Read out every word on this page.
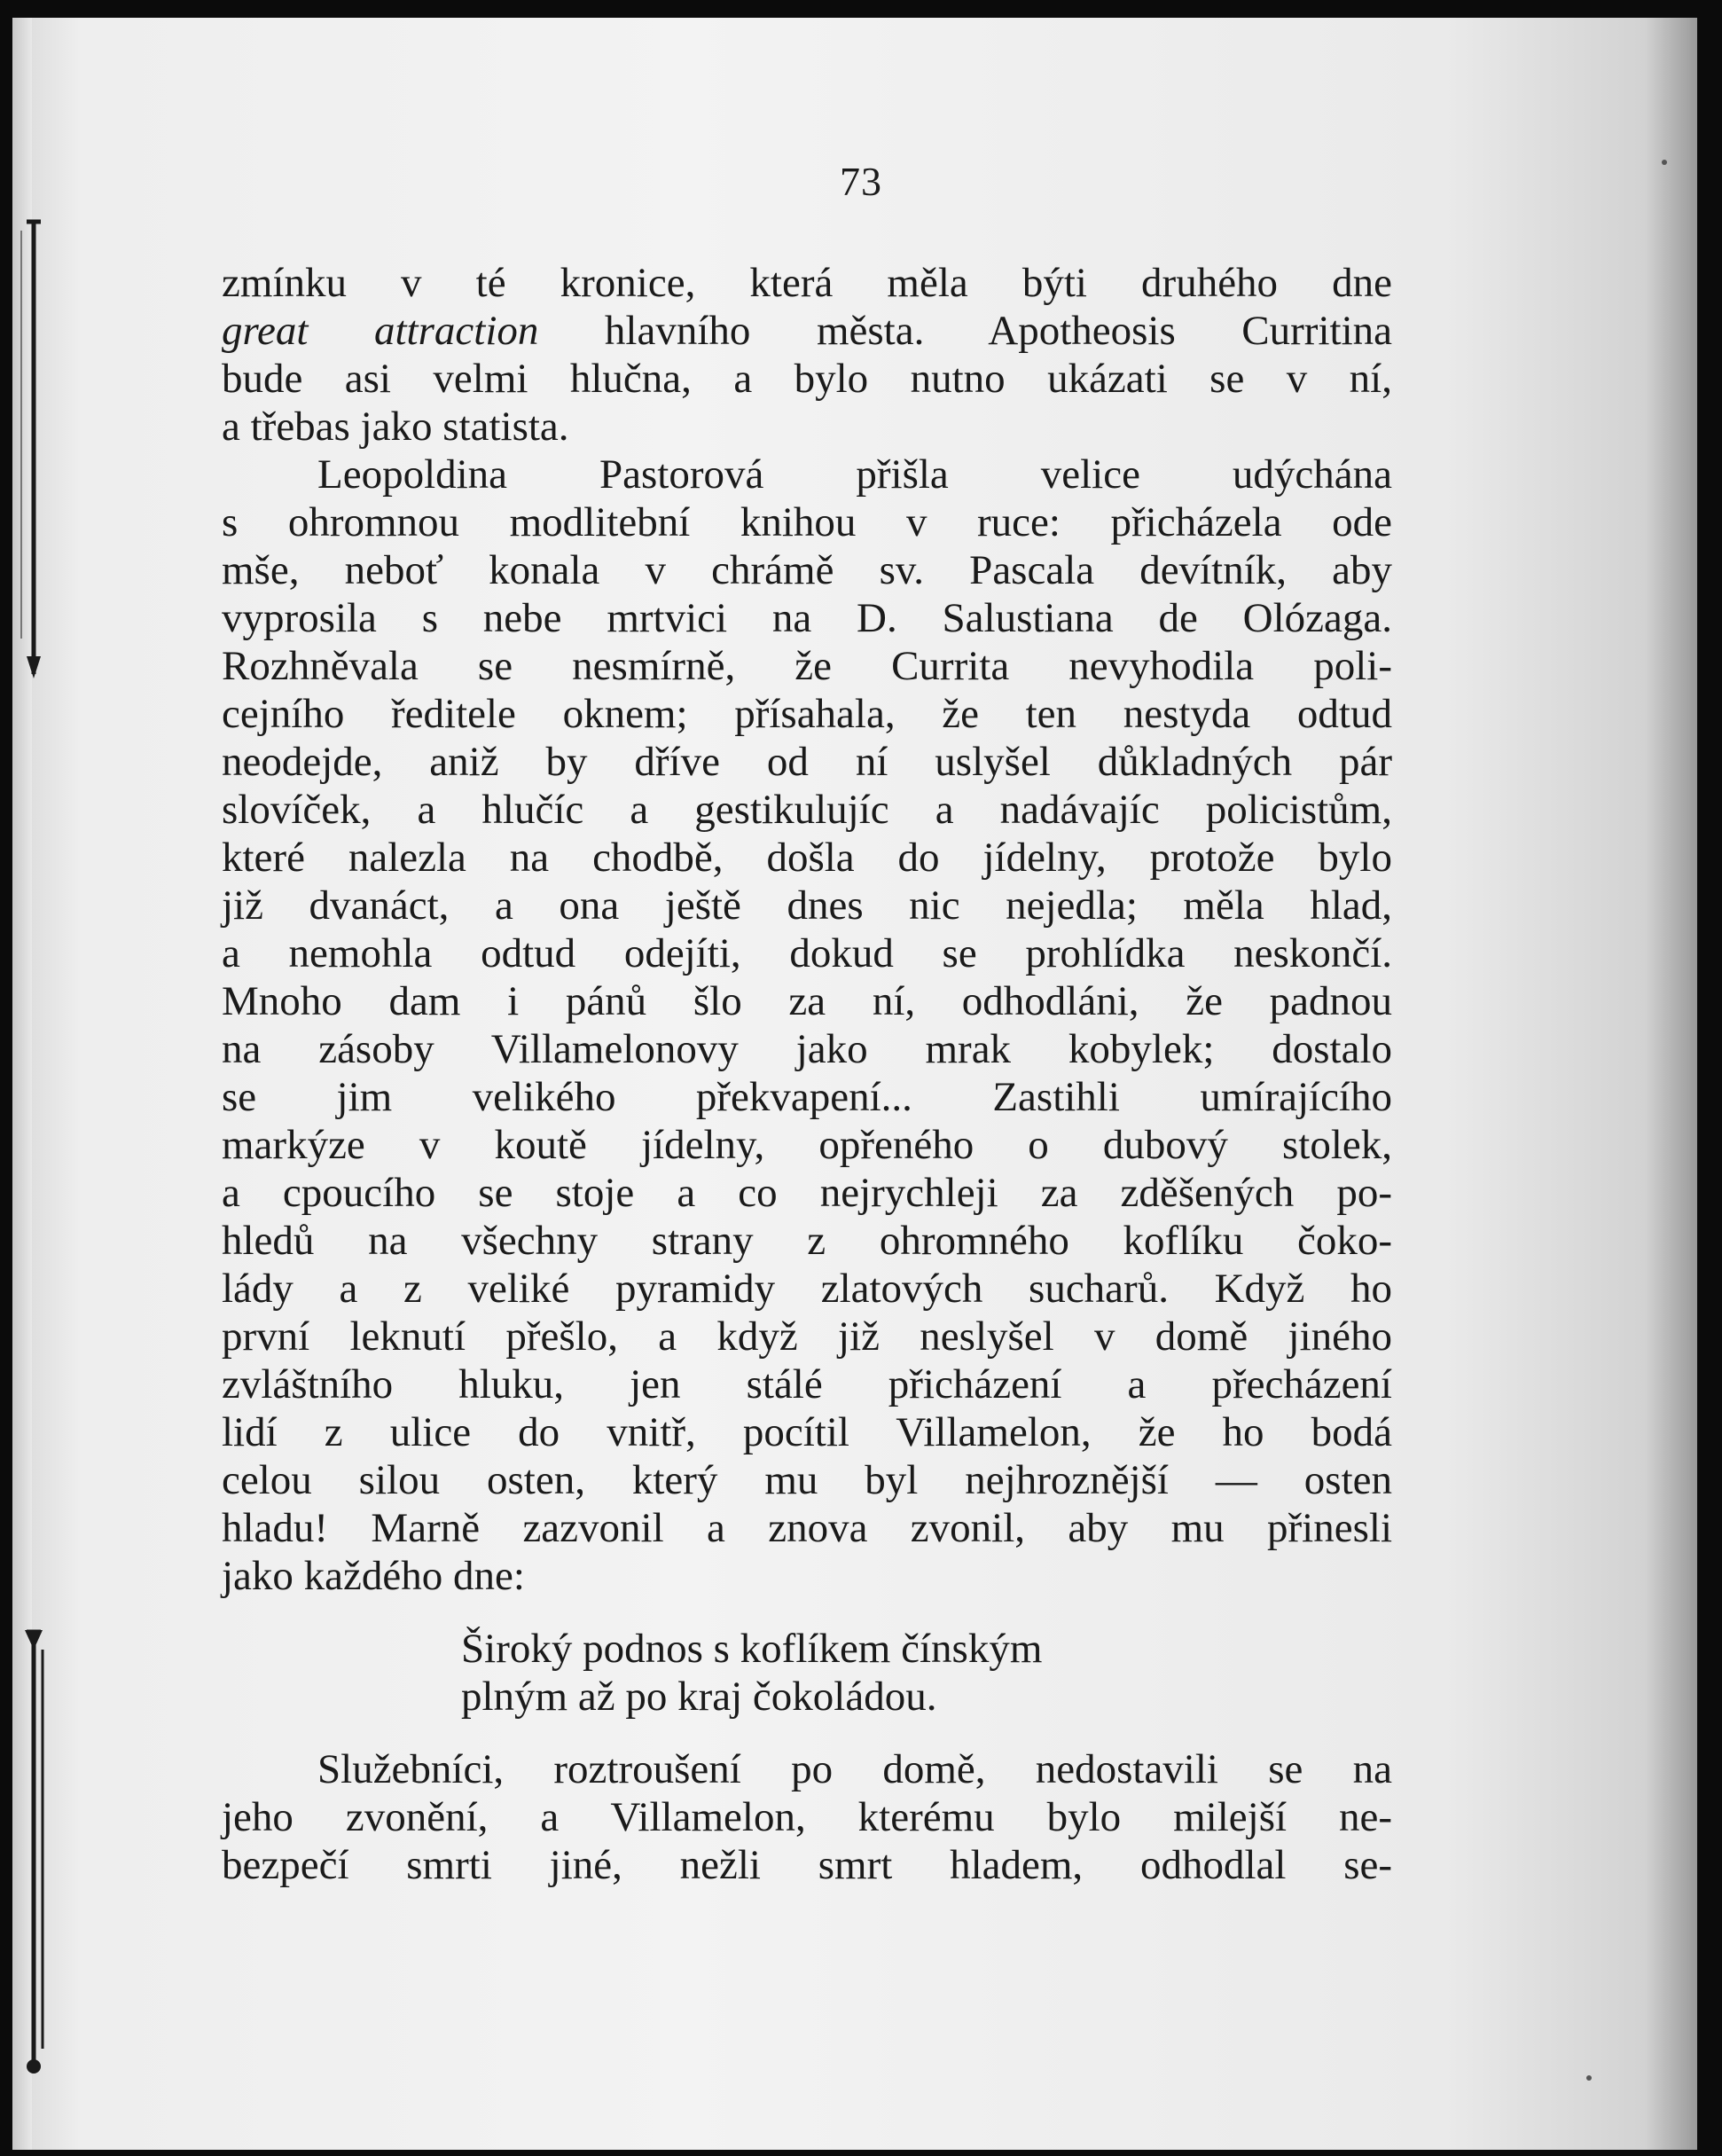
73
zmínku v té kronice, která měla býti druhého dne
great attraction hlavního města. Apotheosis Curritina
bude asi velmi hlučna, a bylo nutno ukázati se v ní,
a třebas jako statista.
Leopoldina Pastorová přišla velice udýchána
s ohromnou modlitební knihou v ruce: přicházela ode
mše, neboť konala v chrámě sv. Pascala devítník, aby
vyprosila s nebe mrtvici na D. Salustiana de Olózaga.
Rozhněvala se nesmírně, že Currita nevyhodila poli-
cejního ředitele oknem; přísahala, že ten nestyda odtud
neodejde, aniž by dříve od ní uslyšel důkladných pár
slovíček, a hlučíc a gestikulujíc a nadávajíc policistům,
které nalezla na chodbě, došla do jídelny, protože bylo
již dvanáct, a ona ještě dnes nic nejedla; měla hlad,
a nemohla odtud odejíti, dokud se prohlídka neskončí.
Mnoho dam i pánů šlo za ní, odhodláni, že padnou
na zásoby Villamelonovy jako mrak kobylek; dostalo
se jim velikého překvapení... Zastihli umírajícího
markýze v koutě jídelny, opřeného o dubový stolek,
a cpoucího se stoje a co nejrychleji za zděšených po-
hledů na všechny strany z ohromného koflíku čoko-
lády a z veliké pyramidy zlatových sucharů. Když ho
první leknutí přešlo, a když již neslyšel v domě jiného
zvláštního hluku, jen stálé přicházení a přecházení
lidí z ulice do vnitř, pocítil Villamelon, že ho bodá
celou silou osten, který mu byl nejhroznější — osten
hladu! Marně zazvonil a znova zvonil, aby mu přinesli
jako každého dne:
Široký podnos s koflíkem čínským
plným až po kraj čokoládou.
Služebníci, roztroušení po domě, nedostavili se na
jeho zvonění, a Villamelon, kterému bylo milejší ne-
bezpečí smrti jiné, nežli smrt hladem, odhodlal se-
